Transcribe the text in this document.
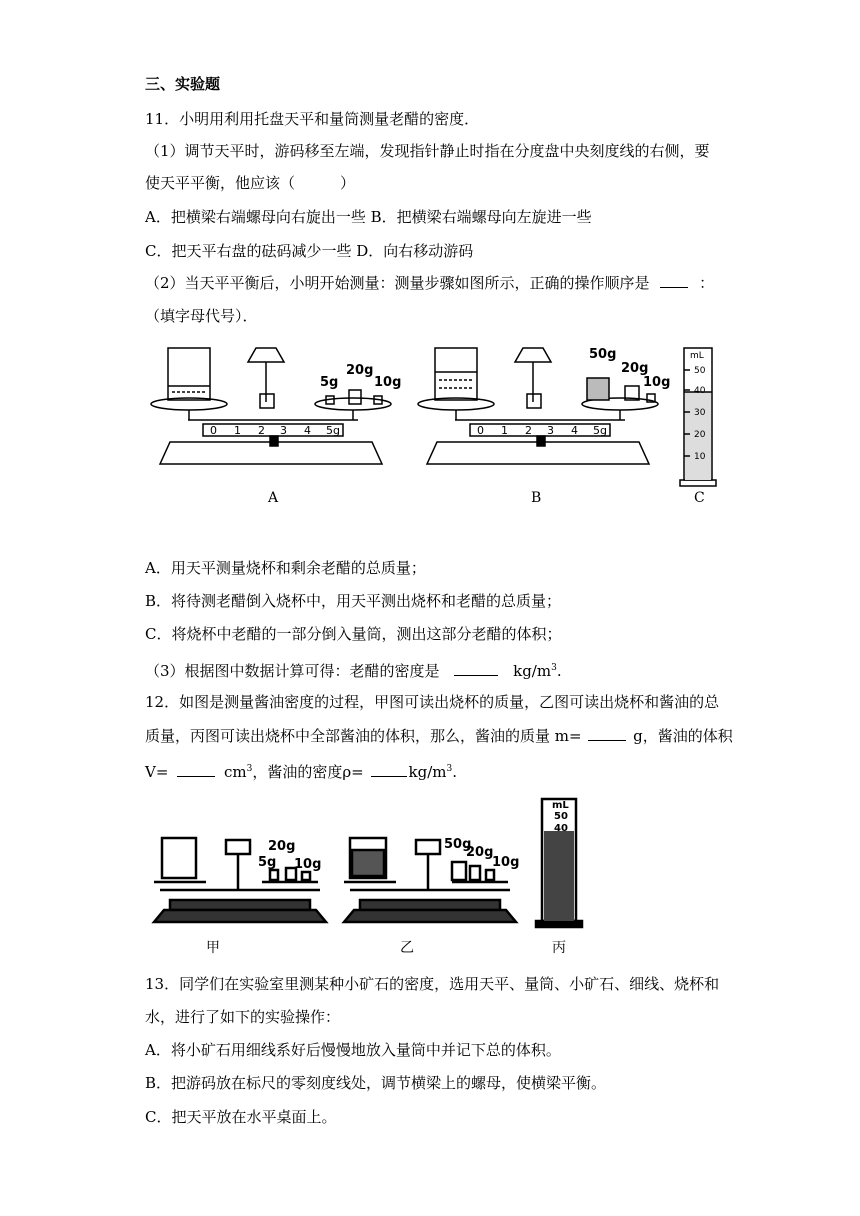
三、实验题
11．小明用利用托盘天平和量筒测量老醋的密度．
（1）调节天平时，游码移至左端，发现指针静止时指在分度盘中央刻度线的右侧，要
使天平平衡，他应该（　　　）
A．把横梁右端螺母向右旋出一些 B．把横梁右端螺母向左旋进一些
C．把天平右盘的砝码减少一些 D．向右移动游码
（2）当天平平衡后，小明开始测量：测量步骤如图所示，正确的操作顺序是	：
（填字母代号）．
0 1 2 3 4 5g
5g
20g
10g
A
0 1 2 3 4 5g
50g
20g
10g
B
mL
50
40
30
20
10
C
A．用天平测量烧杯和剩余老醋的总质量；
B．将待测老醋倒入烧杯中，用天平测出烧杯和老醋的总质量；
C．将烧杯中老醋的一部分倒入量筒，测出这部分老醋的体积；
（3）根据图中数据计算可得：老醋的密度是	$kg/m^3$.
12．如图是测量酱油密度的过程，甲图可读出烧杯的质量，乙图可读出烧杯和酱油的总
质量，丙图可读出烧杯中全部酱油的体积，那么，酱油的质量 m=	g，酱油的体积
V=	$cm^3$，酱油的密度ρ=	$kg/m^3$.
20g
5g 10g
甲
50g
20g
10g
乙
mL
50
40
丙
13．同学们在实验室里测某种小矿石的密度，选用天平、量筒、小矿石、细线、烧杯和
水，进行了如下的实验操作：
A．将小矿石用细线系好后慢慢地放入量筒中并记下总的体积。
B．把游码放在标尺的零刻度线处，调节横梁上的螺母，使横梁平衡。
C．把天平放在水平桌面上。
